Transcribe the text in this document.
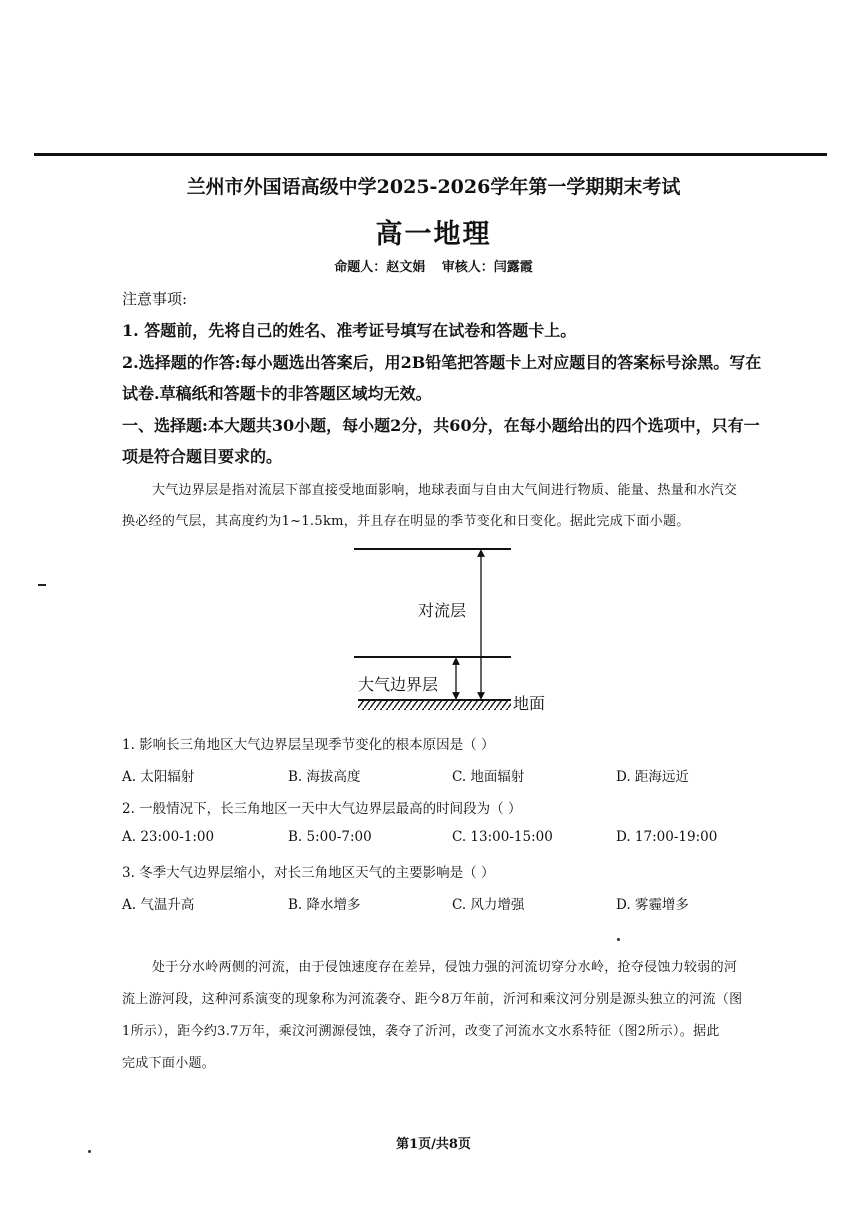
兰州市外国语高级中学2025-2026学年第一学期期末考试
高一地理
命题人：赵文娟 审核人：闫露霞
注意事项:
1. 答题前，先将自己的姓名、准考证号填写在试卷和答题卡上。
2.选择题的作答:每小题选出答案后，用2B铅笔把答题卡上对应题目的答案标号涂黑。写在
试卷.草稿纸和答题卡的非答题区域均无效。
一、选择题:本大题共30小题，每小题2分，共60分，在每小题给出的四个选项中，只有一
项是符合题目要求的。
大气边界层是指对流层下部直接受地面影响，地球表面与自由大气间进行物质、能量、热量和水汽交
换必经的气层，其高度约为1~1.5km，并且存在明显的季节变化和日变化。据此完成下面小题。
对流层
大气边界层
地面
1. 影响长三角地区大气边界层呈现季节变化的根本原因是（ ）
A. 太阳辐射	B. 海拔高度	C. 地面辐射	D. 距海远近
2. 一般情况下，长三角地区一天中大气边界层最高的时间段为（ ）
A. 23:00-1:00	B. 5:00-7:00	C. 13:00-15:00	D. 17:00-19:00
3. 冬季大气边界层缩小，对长三角地区天气的主要影响是（ ）
A. 气温升高	B. 降水增多	C. 风力增强	D. 雾霾增多
处于分水岭两侧的河流，由于侵蚀速度存在差异，侵蚀力强的河流切穿分水岭，抢夺侵蚀力较弱的河
流上游河段，这种河系演变的现象称为河流袭夺、距今8万年前，沂河和乘汶河分别是源头独立的河流（图
1所示），距今约3.7万年，乘汶河溯源侵蚀，袭夺了沂河，改变了河流水文水系特征（图2所示）。据此
完成下面小题。
第1页/共8页
